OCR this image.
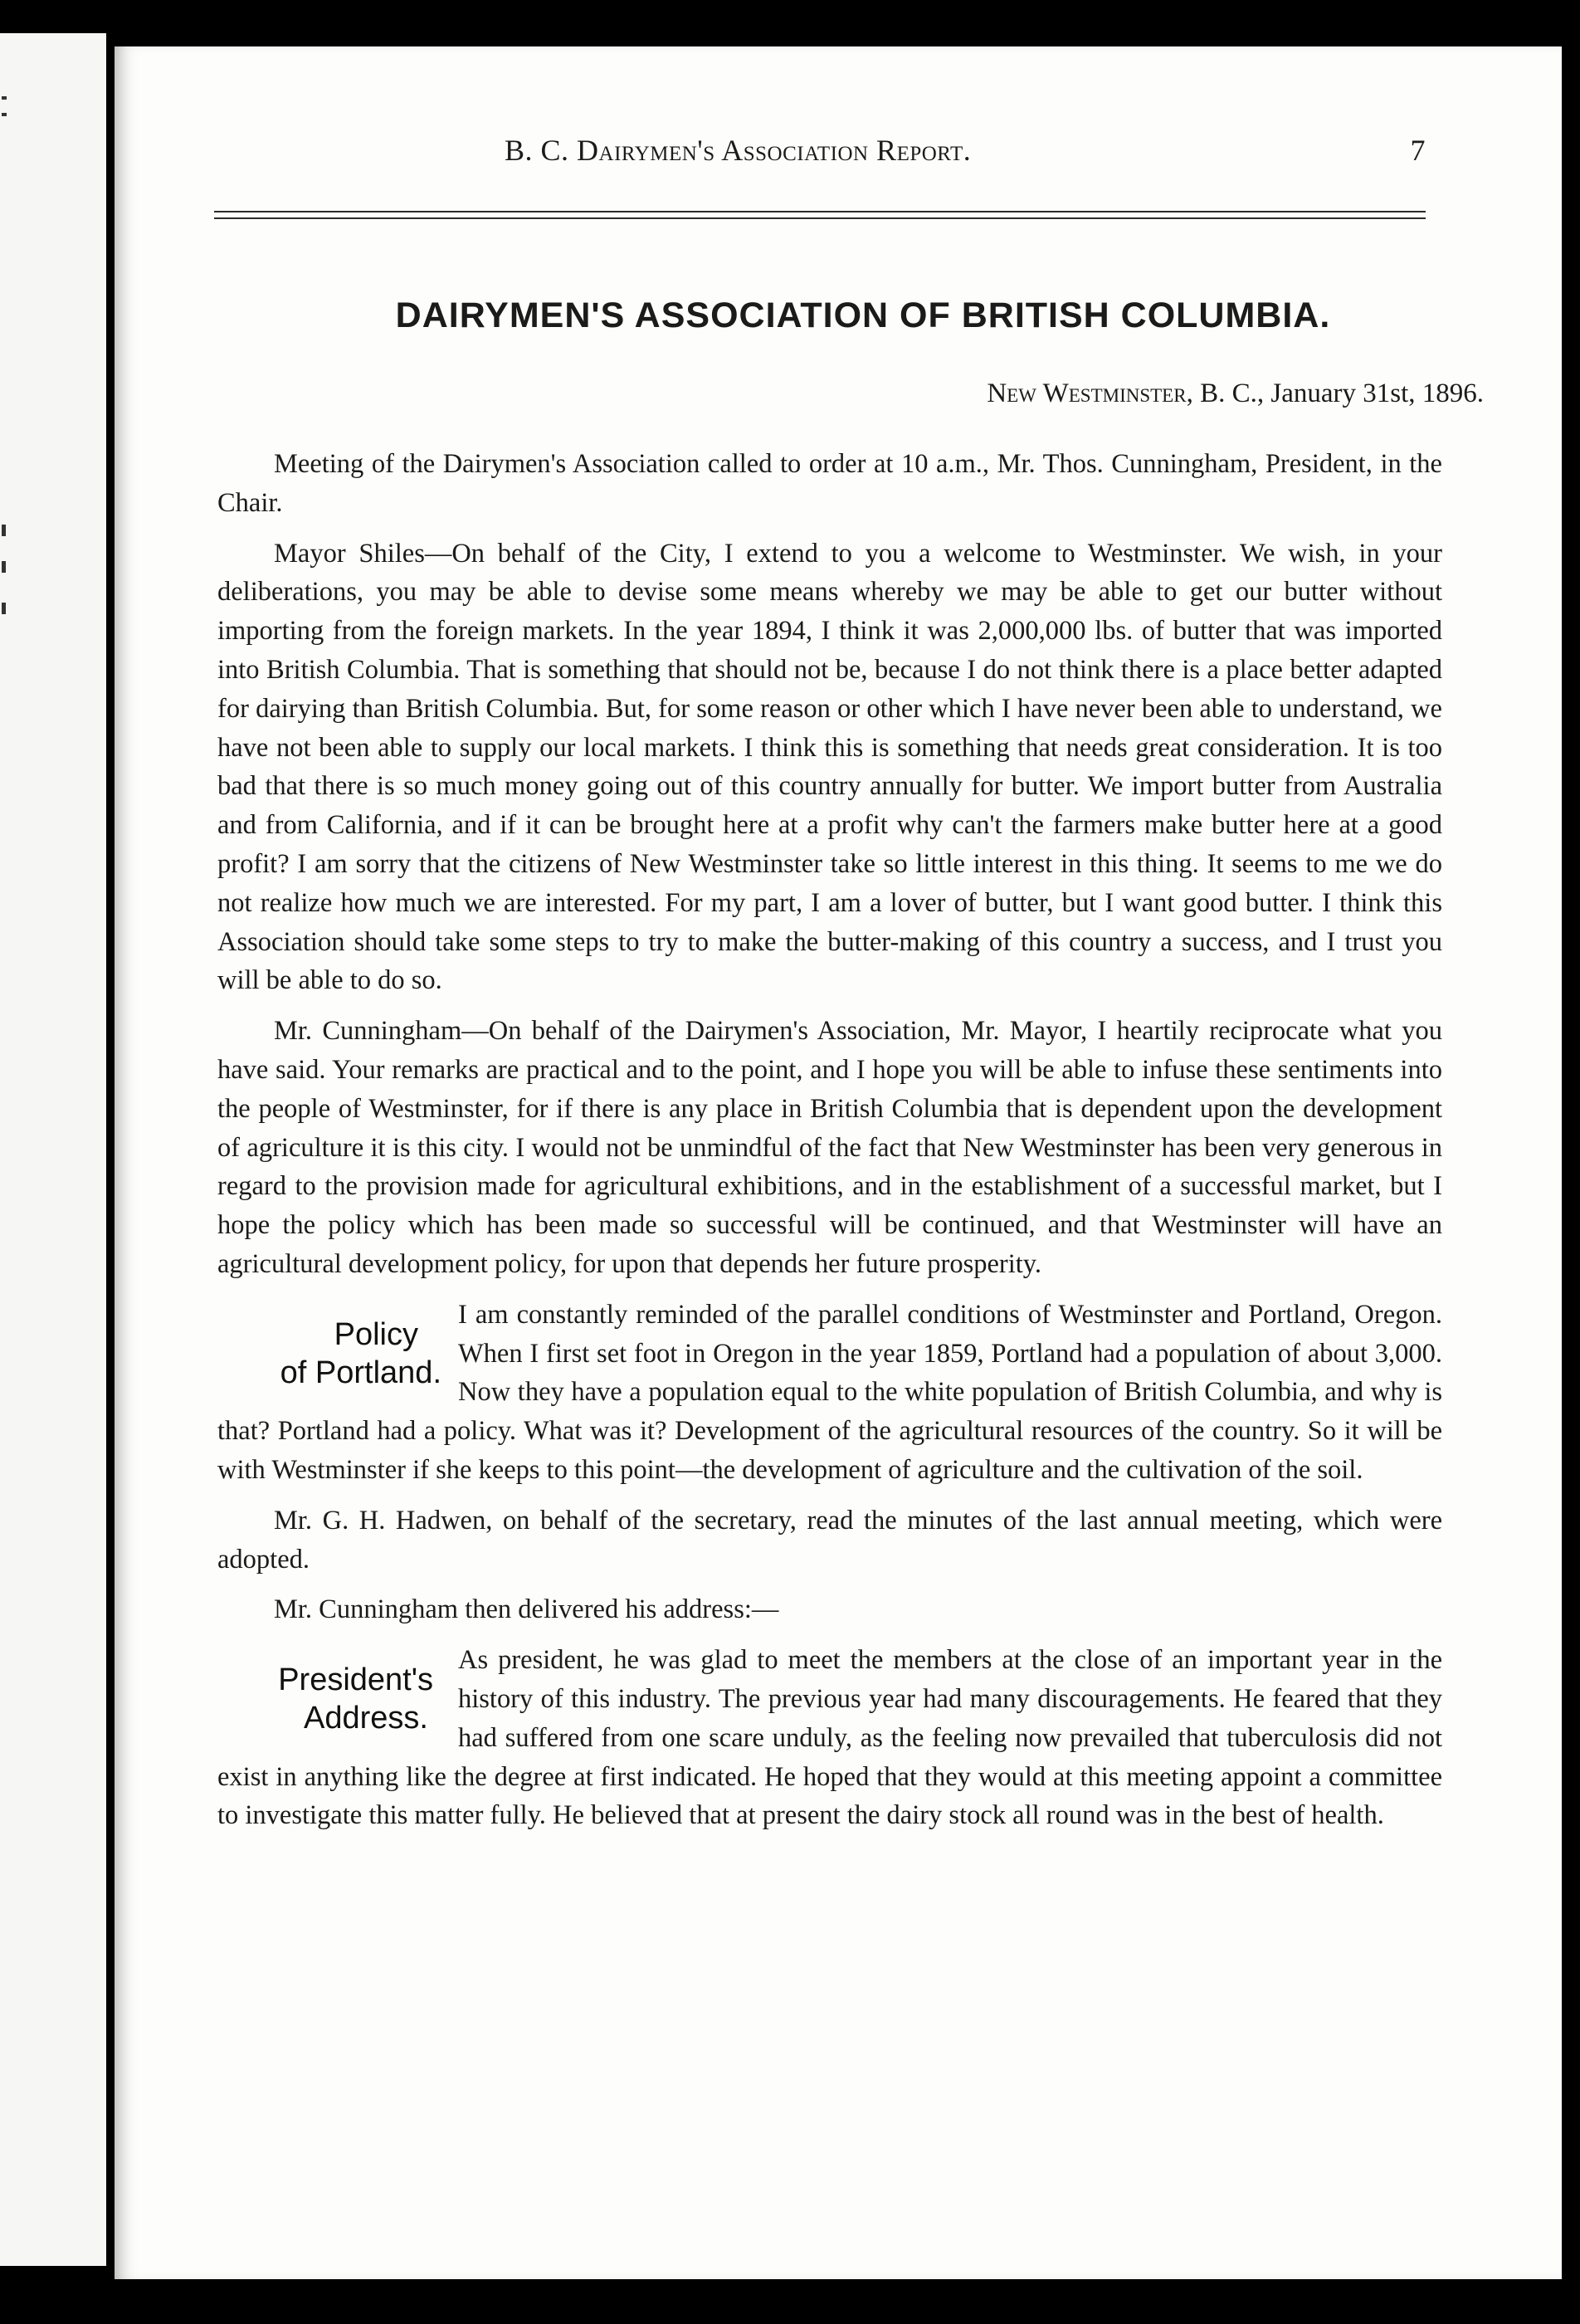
B. C. Dairymen's Association Report.	7
DAIRYMEN'S ASSOCIATION OF BRITISH COLUMBIA.
New Westminster, B. C., January 31st, 1896.

Meeting of the Dairymen's Association called to order at 10 a.m., Mr. Thos. Cunningham, President, in the Chair.

Mayor Shiles—On behalf of the City, I extend to you a welcome to Westminster. We wish, in your deliberations, you may be able to devise some means whereby we may be able to get our butter without importing from the foreign markets. In the year 1894, I think it was 2,000,000 lbs. of butter that was imported into British Columbia. That is something that should not be, because I do not think there is a place better adapted for dairying than British Columbia. But, for some reason or other which I have never been able to understand, we have not been able to supply our local markets. I think this is something that needs great consideration. It is too bad that there is so much money going out of this country annually for butter. We import butter from Australia and from California, and if it can be brought here at a profit why can't the farmers make butter here at a good profit? I am sorry that the citizens of New Westminster take so little interest in this thing. It seems to me we do not realize how much we are interested. For my part, I am a lover of butter, but I want good butter. I think this Association should take some steps to try to make the butter-making of this country a success, and I trust you will be able to do so.

Mr. Cunningham—On behalf of the Dairymen's Association, Mr. Mayor, I heartily reciprocate what you have said. Your remarks are practical and to the point, and I hope you will be able to infuse these sentiments into the people of Westminster, for if there is any place in British Columbia that is dependent upon the development of agriculture it is this city. I would not be unmindful of the fact that New Westminster has been very generous in regard to the provision made for agricultural exhibitions, and in the establishment of a successful market, but I hope the policy which has been made so successful will be continued, and that Westminster will have an agricultural development policy, for upon that depends her future prosperity.

Policy
of Portland.

I am constantly reminded of the parallel conditions of Westminster and Portland, Oregon. When I first set foot in Oregon in the year 1859, Portland had a population of about 3,000. Now they have a population equal to the white population of British Columbia, and why is that? Portland had a policy. What was it? Development of the agricultural resources of the country. So it will be with Westminster if she keeps to this point—the development of agriculture and the cultivation of the soil.

Mr. G. H. Hadwen, on behalf of the secretary, read the minutes of the last annual meeting, which were adopted.

Mr. Cunningham then delivered his address:—

President's
Address.

As president, he was glad to meet the members at the close of an important year in the history of this industry. The previous year had many discouragements. He feared that they had suffered from one scare unduly, as the feeling now prevailed that tuberculosis did not exist in anything like the degree at first indicated. He hoped that they would at this meeting appoint a committee to investigate this matter fully. He believed that at present the dairy stock all round was in the best of health.
